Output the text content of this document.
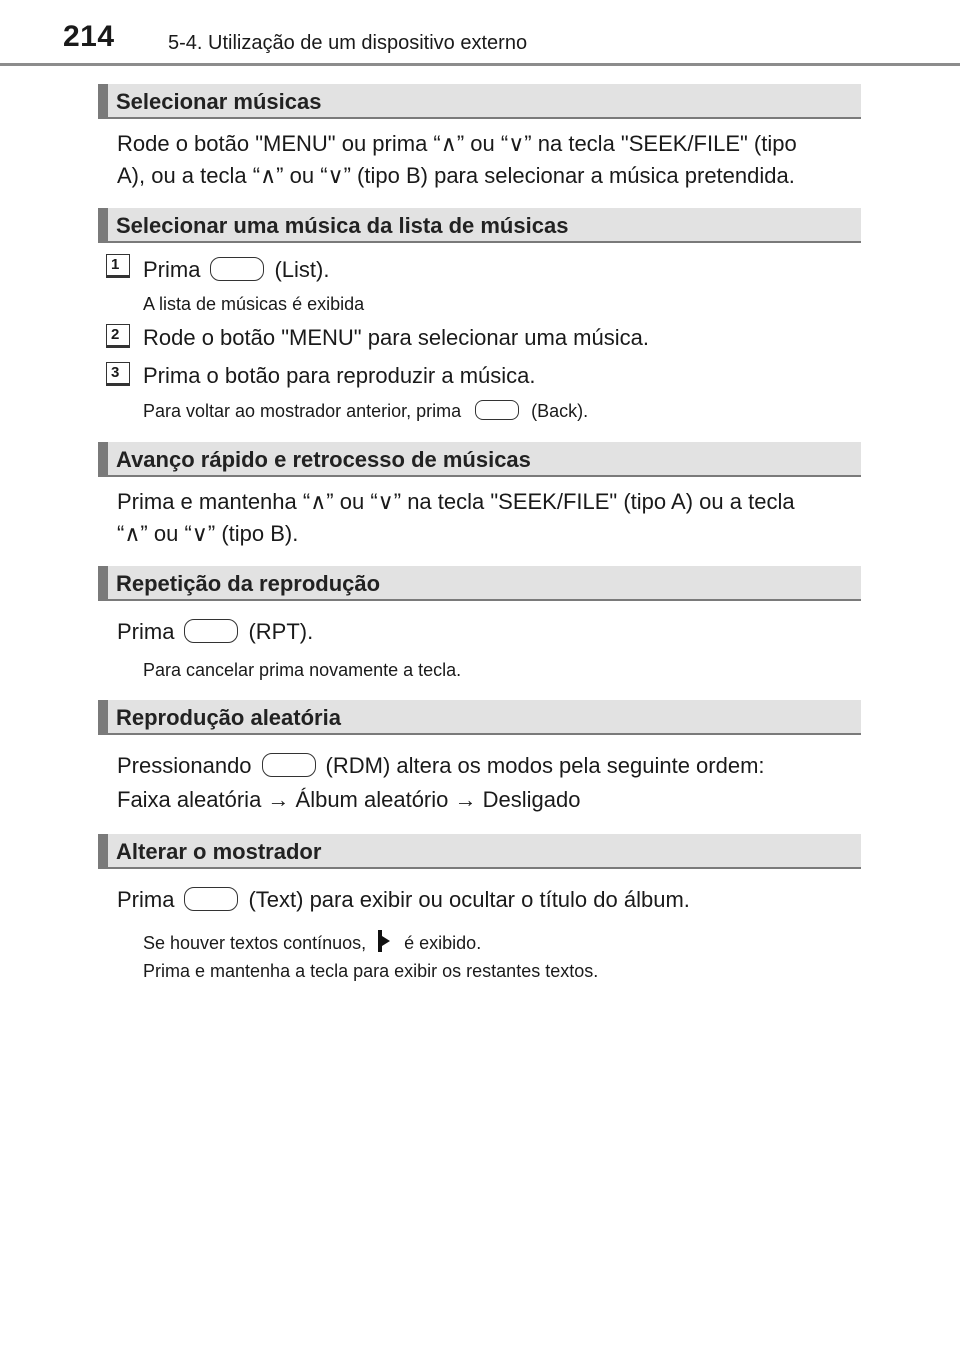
214	5-4. Utilização de um dispositivo externo
Selecionar músicas
Rode o botão "MENU" ou prima “∧” ou “∨” na tecla "SEEK/FILE" (tipo
A), ou a tecla “∧” ou “∨” (tipo B) para selecionar a música pretendida.
Selecionar uma música da lista de músicas
1	Prima	(List).
A lista de músicas é exibida
2	Rode o botão "MENU" para selecionar uma música.
3	Prima o botão para reproduzir a música.
Para voltar ao mostrador anterior, prima	(Back).
Avanço rápido e retrocesso de músicas
Prima e mantenha “∧” ou “∨” na tecla "SEEK/FILE" (tipo A) ou a tecla
“∧” ou “∨” (tipo B).
Repetição da reprodução
Prima	(RPT).
Para cancelar prima novamente a tecla.
Reprodução aleatória
Pressionando	(RDM) altera os modos pela seguinte ordem:
Faixa aleatória → Álbum aleatório → Desligado
Alterar o mostrador
Prima	(Text) para exibir ou ocultar o título do álbum.
Se houver textos contínuos, é exibido.
Prima e mantenha a tecla para exibir os restantes textos.
